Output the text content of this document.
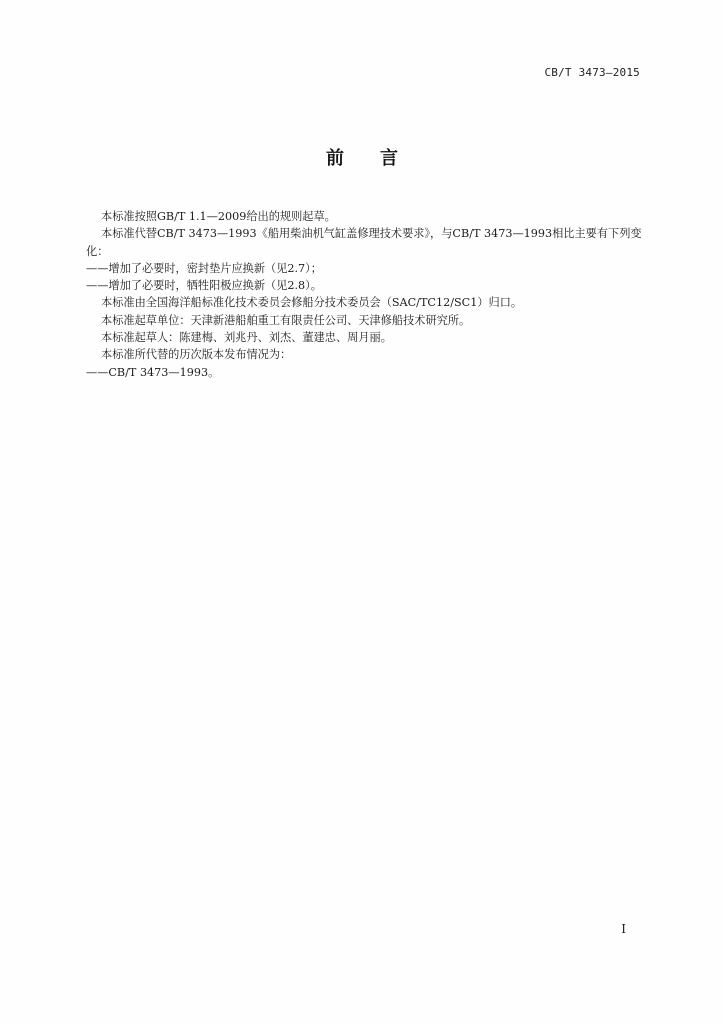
CB/T 3473—2015
前 言

本标准按照GB/T 1.1—2009给出的规则起草。

本标准代替CB/T 3473—1993《船用柴油机气缸盖修理技术要求》，与CB/T 3473—1993相比主要有下列变化：

——增加了必要时，密封垫片应换新（见2.7）；

——增加了必要时，牺牲阳极应换新（见2.8）。

本标准由全国海洋船标准化技术委员会修船分技术委员会（SAC/TC12/SC1）归口。

本标准起草单位：天津新港船舶重工有限责任公司、天津修船技术研究所。

本标准起草人：陈建梅、刘兆丹、刘杰、董建忠、周月丽。

本标准所代替的历次版本发布情况为：

——CB/T 3473—1993。

I
